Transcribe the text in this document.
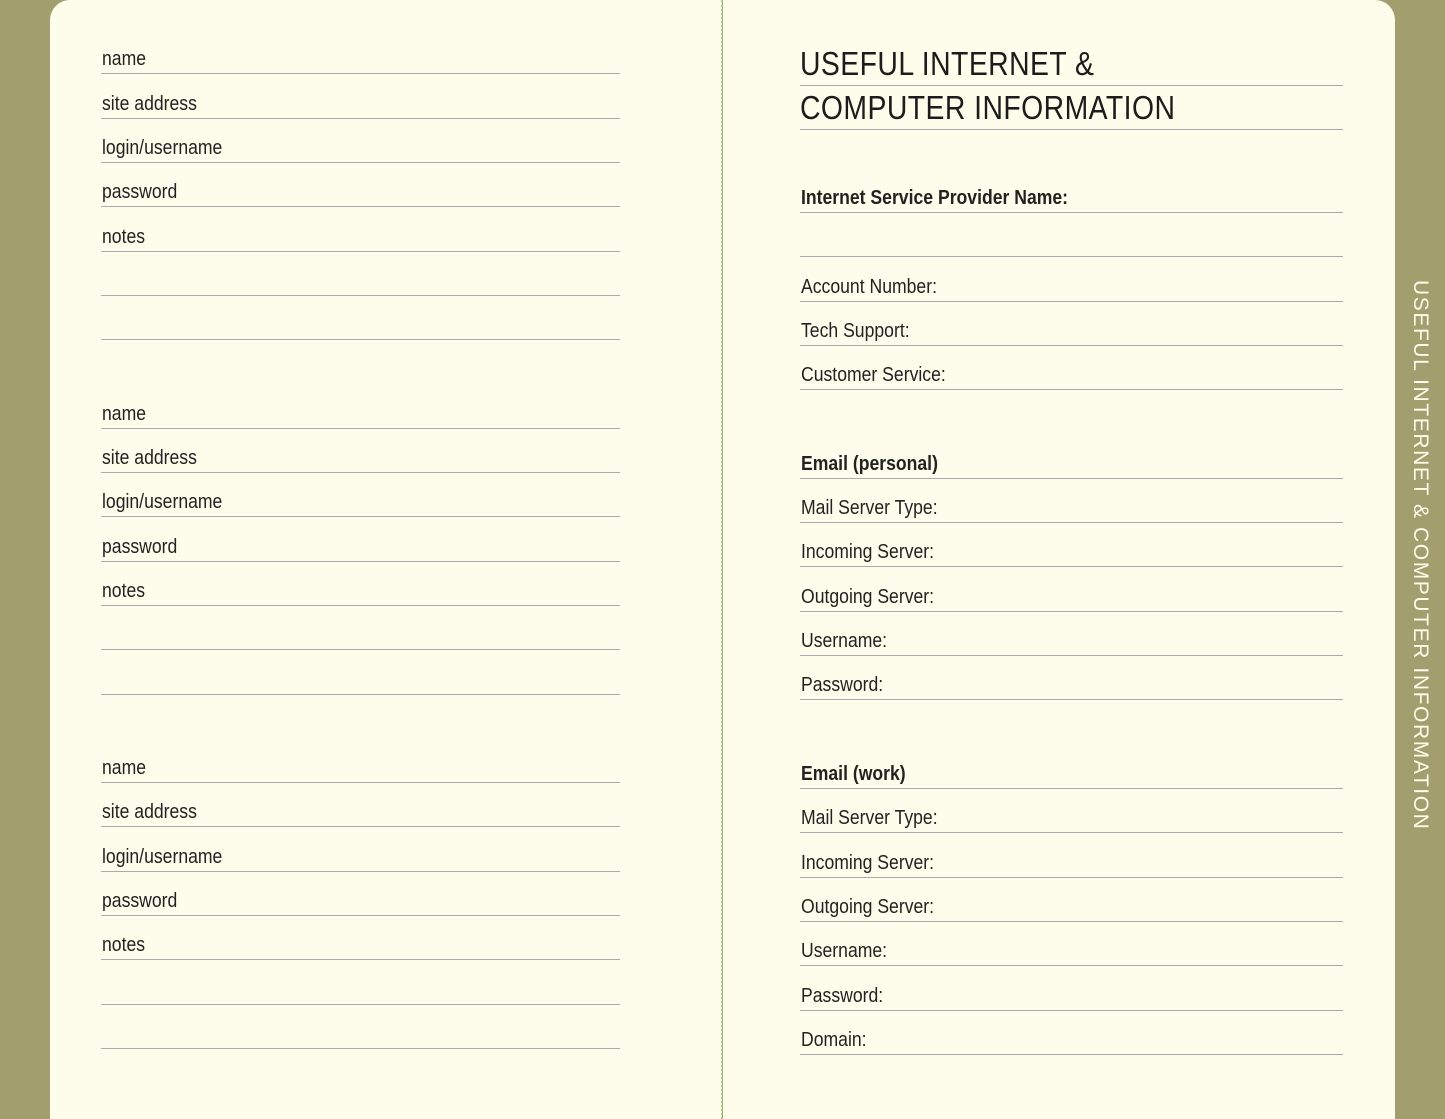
name
site address
login/username
password
notes
name
site address
login/username
password
notes
name
site address
login/username
password
notes
USEFUL INTERNET &
COMPUTER INFORMATION
Internet Service Provider Name:
Account Number:
Tech Support:
Customer Service:
Email (personal)
Mail Server Type:
Incoming Server:
Outgoing Server:
Username:
Password:
Email (work)
Mail Server Type:
Incoming Server:
Outgoing Server:
Username:
Password:
Domain:
USEFUL INTERNET & COMPUTER INFORMATION
